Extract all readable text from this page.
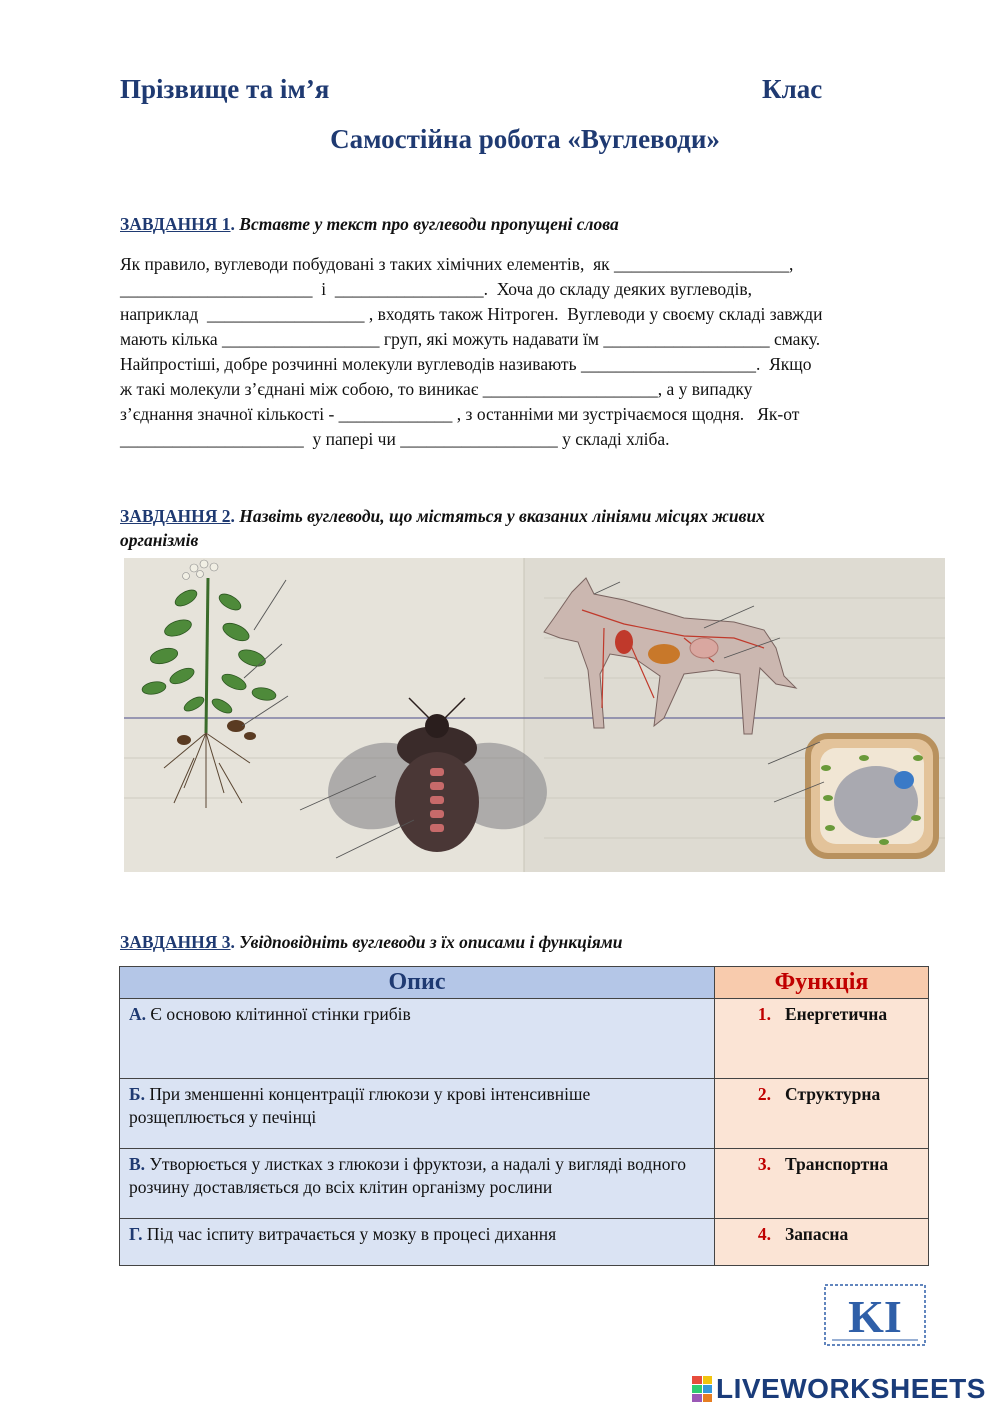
Прізвище та ім’я	Клас
Самостійна робота «Вуглеводи»
ЗАВДАННЯ 1. Вставте у текст про вуглеводи пропущені слова
Як правило, вуглеводи побудовані з таких хімічних елементів,  як ____________________,
______________________  і  _________________.  Хоча до складу деяких вуглеводів,
наприклад  __________________ , входять також Нітроген.  Вуглеводи у своєму складі завжди
мають кілька __________________ груп, які можуть надавати їм ___________________ смаку.
Найпростіші, добре розчинні молекули вуглеводів називають ____________________.  Якщо
ж такі молекули з’єднані між собою, то виникає ____________________, а у випадку
з’єднання значної кількості - _____________ , з останніми ми зустрічаємося щодня.   Як-от
_____________________  у папері чи __________________ у складі хліба.
ЗАВДАННЯ 2. Назвіть вуглеводи, що містяться у вказаних лініями місцях живих
організмів
ЗАВДАННЯ 3. Увідповідніть вуглеводи з їх описами і функціями
Опис	Функція
А. Є основою клітинної стінки грибів	1. Енергетична
Б. При зменшенні концентрації глюкози у крові інтенсивніше розщеплюється у печінці	2. Структурна
В. Утворюється у листках з глюкози і фруктози, а надалі у вигляді водного розчину доставляється до всіх клітин організму рослини	3. Транспортна
Г. Під час іспиту витрачається у мозку в процесі дихання	4. Запасна
KI
LIVEWORKSHEETS
